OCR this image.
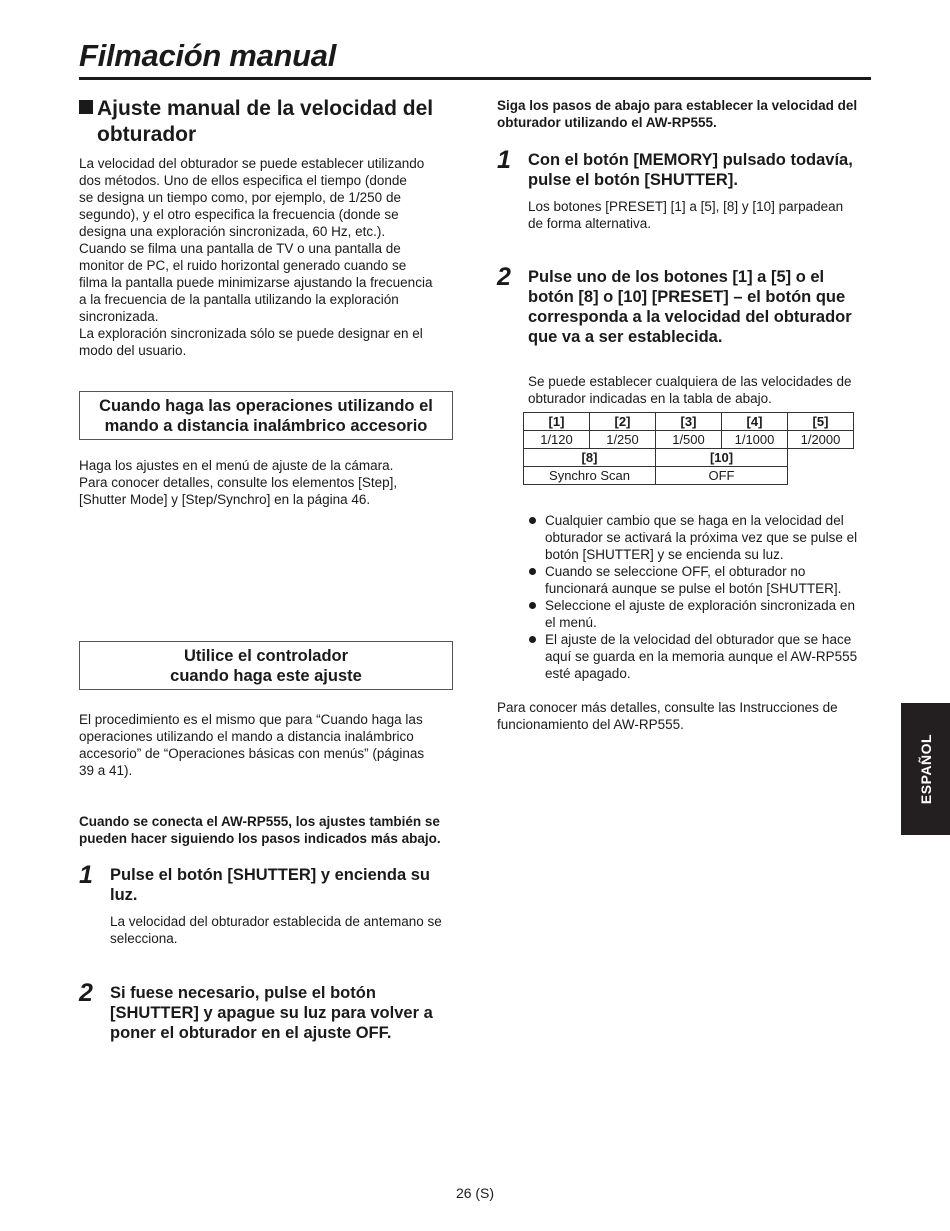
Filmación manual
Ajuste manual de la velocidad del
obturador

La velocidad del obturador se puede establecer utilizando

dos métodos. Uno de ellos especifica el tiempo (donde

se designa un tiempo como, por ejemplo, de 1/250 de

segundo), y el otro especifica la frecuencia (donde se

designa una exploración sincronizada, 60 Hz, etc.).

Cuando se filma una pantalla de TV o una pantalla de

monitor de PC, el ruido horizontal generado cuando se

filma la pantalla puede minimizarse ajustando la frecuencia

a la frecuencia de la pantalla utilizando la exploración

sincronizada.

La exploración sincronizada sólo se puede designar en el

modo del usuario.

Cuando haga las operaciones utilizando el
mando a distancia inalámbrico accesorio

Haga los ajustes en el menú de ajuste de la cámara.

Para conocer detalles, consulte los elementos [Step],

[Shutter Mode] y [Step/Synchro] en la página 46.

Utilice el controlador
cuando haga este ajuste

El procedimiento es el mismo que para “Cuando haga las

operaciones utilizando el mando a distancia inalámbrico

accesorio” de “Operaciones básicas con menús” (páginas

39 a 41).

Cuando se conecta el AW-RP555, los ajustes también se

pueden hacer siguiendo los pasos indicados más abajo.

1 Pulse el botón [SHUTTER] y encienda su
luz.
La velocidad del obturador establecida de antemano se
selecciona.
2 Si fuese necesario, pulse el botón
[SHUTTER] y apague su luz para volver a
poner el obturador en el ajuste OFF.

Siga los pasos de abajo para establecer la velocidad del

obturador utilizando el AW-RP555.

1 Con el botón [MEMORY] pulsado todavía,
pulse el botón [SHUTTER].
Los botones [PRESET] [1] a [5], [8] y [10] parpadean
de forma alternativa.
2 Pulse uno de los botones [1] a [5] o el
botón [8] o [10] [PRESET] – el botón que
corresponda a la velocidad del obturador
que va a ser establecida.
Se puede establecer cualquiera de las velocidades de
obturador indicadas en la tabla de abajo.
[1]	[2]	[3]	[4]	[5]
1/120	1/250	1/500	1/1000	1/2000
[8]		[10]		
Synchro Scan		OFF		
Cualquier cambio que se haga en la velocidad del
obturador se activará la próxima vez que se pulse el
botón [SHUTTER] y se encienda su luz.
Cuando se seleccione OFF, el obturador no
funcionará aunque se pulse el botón [SHUTTER].
Seleccione el ajuste de exploración sincronizada en
el menú.
El ajuste de la velocidad del obturador que se hace
aquí se guarda en la memoria aunque el AW-RP555
esté apagado.

Para conocer más detalles, consulte las Instrucciones de

funcionamiento del AW-RP555.

ESPAÑOL
26 (S)
